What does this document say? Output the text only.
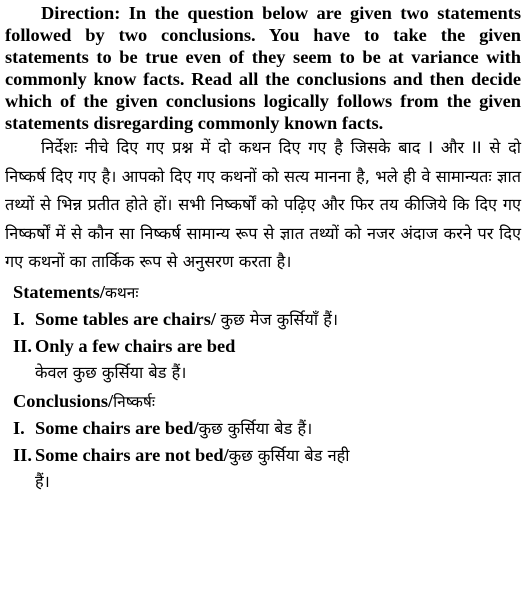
Direction: In the question below are given two statements followed by two conclusions. You have to take the given statements to be true even of they seem to be at variance with commonly know facts. Read all the conclusions and then decide which of the given conclusions logically follows from the given statements disregarding commonly known facts.

निर्देशः नीचे दिए गए प्रश्न में दो कथन दिए गए है जिसके बाद I और II से दो निष्कर्ष दिए गए है। आपको दिए गए कथनों को सत्य मानना है, भले ही वे सामान्यतः ज्ञात तथ्यों से भिन्न प्रतीत होते हों। सभी निष्कर्षों को पढ़िए और फिर तय कीजिये कि दिए गए निष्कर्षों में से कौन सा निष्कर्ष सामान्य रूप से ज्ञात तथ्यों को नजर अंदाज करने पर दिए गए कथनों का तार्किक रूप से अनुसरण करता है।

Statements/कथनः
I. Some tables are chairs/ कुछ मेज कुर्सियाँ हैं।
II. Only a few chairs are bed
केवल कुछ कुर्सिया बेड हैं।
Conclusions/निष्कर्षः
I. Some chairs are bed/कुछ कुर्सिया बेड हैं।
II. Some chairs are not bed/कुछ कुर्सिया बेड नही
हैं।
